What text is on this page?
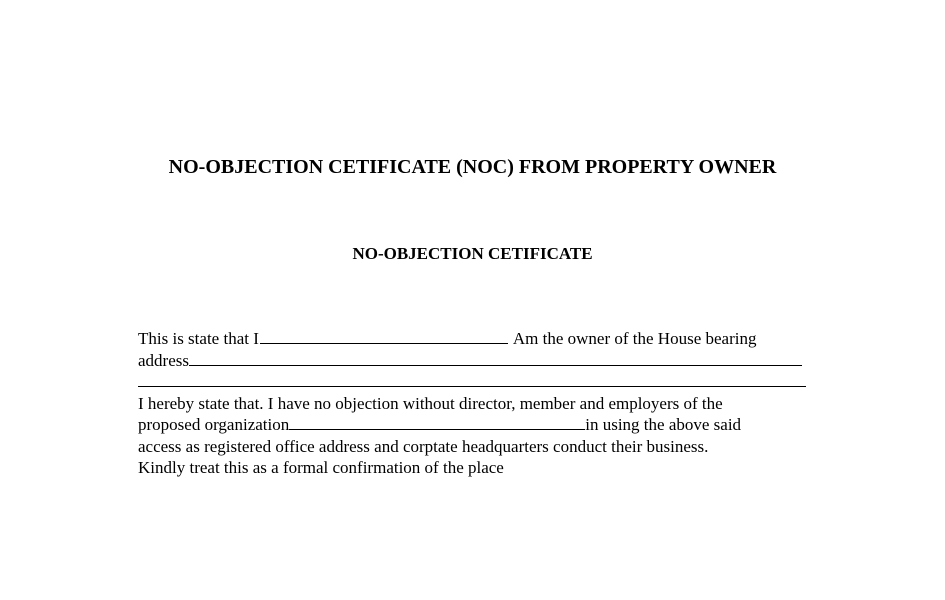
NO-OBJECTION CETIFICATE (NOC) FROM PROPERTY OWNER
NO-OBJECTION CETIFICATE
This is state that I	Am the owner of the House bearing
address
I hereby state that. I have no objection without director, member and employers of the
proposed organization	in using the above said
access as registered office address and corptate headquarters conduct their business.
Kindly treat this as a formal confirmation of the place
